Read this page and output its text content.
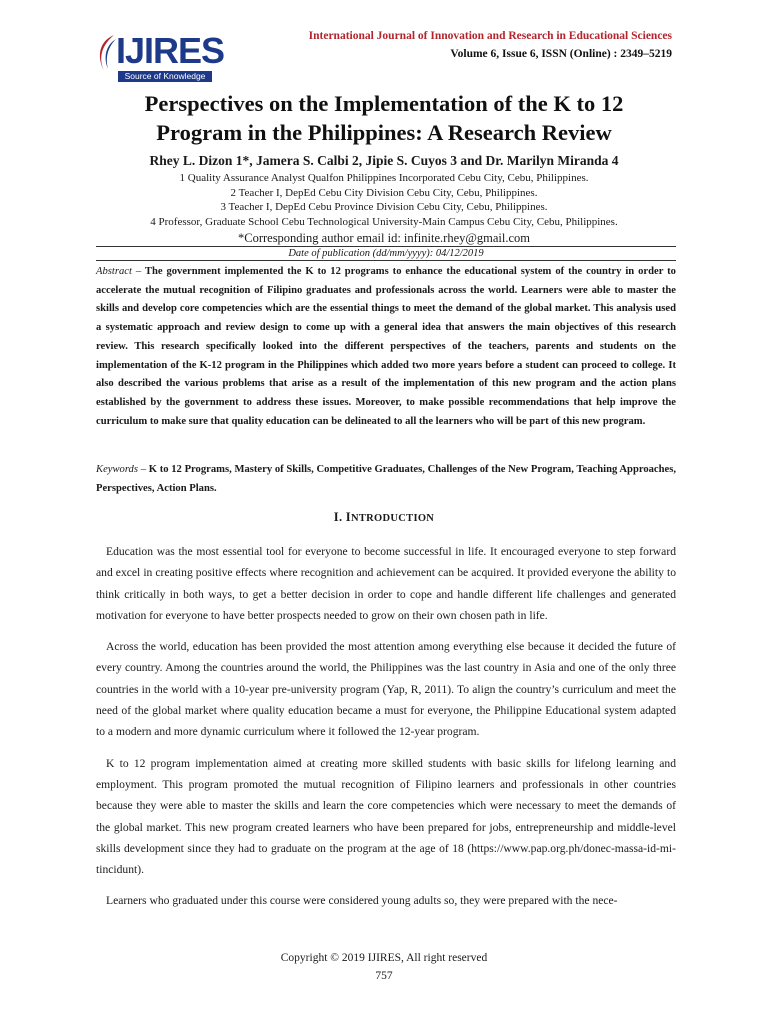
IJIRES
Source of Knowledge
International Journal of Innovation and Research in Educational Sciences
Volume 6, Issue 6, ISSN (Online) : 2349–5219
Perspectives on the Implementation of the K to 12
Program in the Philippines: A Research Review
Rhey L. Dizon 1*, Jamera S. Calbi 2, Jipie S. Cuyos 3 and Dr. Marilyn Miranda 4
1 Quality Assurance Analyst Qualfon Philippines Incorporated Cebu City, Cebu, Philippines.
2 Teacher I, DepEd Cebu City Division Cebu City, Cebu, Philippines.
3 Teacher I, DepEd Cebu Province Division Cebu City, Cebu, Philippines.
4 Professor, Graduate School Cebu Technological University-Main Campus Cebu City, Cebu, Philippines.
*Corresponding author email id: infinite.rhey@gmail.com
Date of publication (dd/mm/yyyy): 04/12/2019
Abstract – The government implemented the K to 12 programs to enhance the educational system of the country in order to accelerate the mutual recognition of Filipino graduates and professionals across the world. Learners were able to master the skills and develop core competencies which are the essential things to meet the demand of the global market. This analysis used a systematic approach and review design to come up with a general idea that answers the main objectives of this research review. This research specifically looked into the different perspectives of the teachers, parents and students on the implementation of the K-12 program in the Philippines which added two more years before a student can proceed to college. It also described the various problems that arise as a result of the implementation of this new program and the action plans established by the government to address these issues. Moreover, to make possible recommendations that help improve the curriculum to make sure that quality education can be delineated to all the learners who will be part of this new program.
Keywords – K to 12 Programs, Mastery of Skills, Competitive Graduates, Challenges of the New Program, Teaching Approaches, Perspectives, Action Plans.
I. INTRODUCTION

Education was the most essential tool for everyone to become successful in life. It encouraged everyone to step forward and excel in creating positive effects where recognition and achievement can be acquired. It provided everyone the ability to think critically in both ways, to get a better decision in order to cope and handle different life challenges and generated motivation for everyone to have better prospects needed to grow on their own chosen path in life.

Across the world, education has been provided the most attention among everything else because it decided the future of every country. Among the countries around the world, the Philippines was the last country in Asia and one of the only three countries in the world with a 10-year pre-university program (Yap, R, 2011). To align the country’s curriculum and meet the need of the global market where quality education became a must for everyone, the Philippine Educational system adapted to a modern and more dynamic curriculum where it followed the 12-year program.

K to 12 program implementation aimed at creating more skilled students with basic skills for lifelong learning and employment. This program promoted the mutual recognition of Filipino learners and professionals in other countries because they were able to master the skills and learn the core competencies which were necessary to meet the demands of the global market. This new program created learners who have been prepared for jobs, entrepreneurship and middle-level skills development since they had to graduate on the program at the age of 18 (https://www.pap.org.ph/donec-massa-id-mi-tincidunt).

Learners who graduated under this course were considered young adults so, they were prepared with the nece-

Copyright © 2019 IJIRES, All right reserved
757
